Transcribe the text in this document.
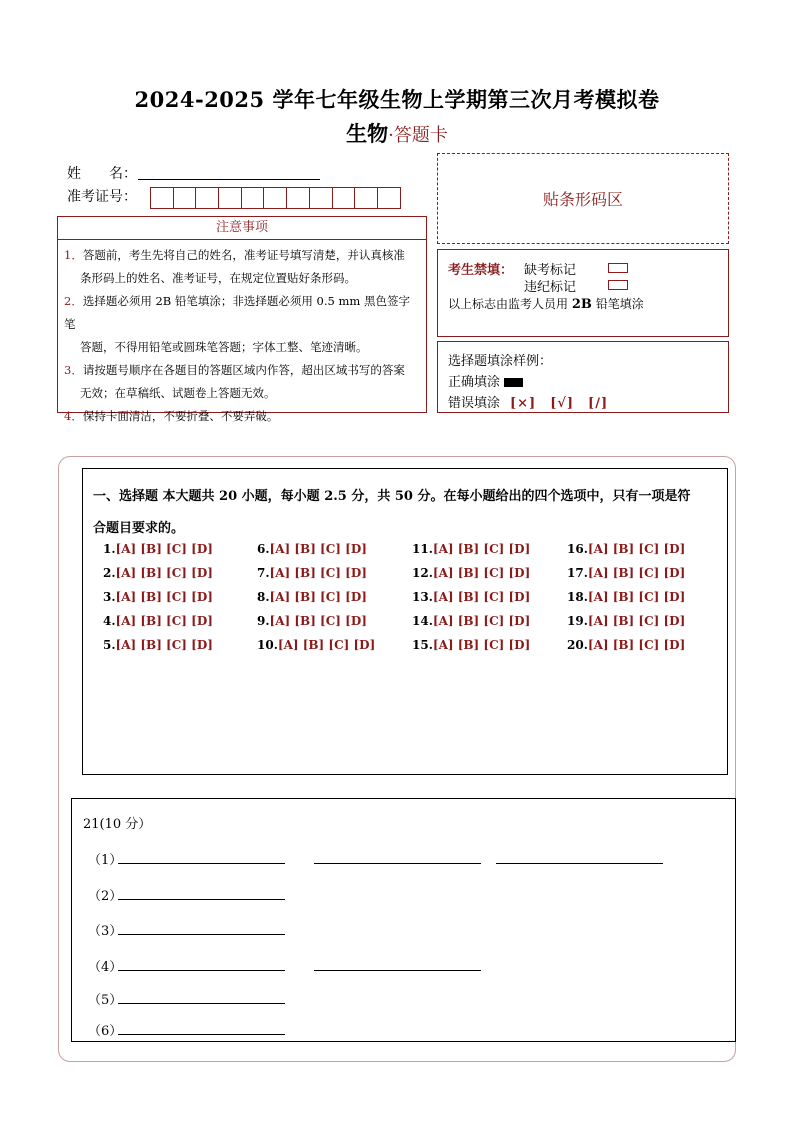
2024-2025 学年七年级生物上学期第三次月考模拟卷
生物·答题卡
姓　　名：
准考证号：
注意事项
1．答题前，考生先将自己的姓名，准考证号填写清楚，并认真核准
条形码上的姓名、准考证号，在规定位置贴好条形码。
2．选择题必须用 2B 铅笔填涂；非选择题必须用 0.5 mm 黑色签字笔
答题，不得用铅笔或圆珠笔答题；字体工整、笔迹清晰。
3．请按题号顺序在各题目的答题区域内作答，超出区域书写的答案
无效；在草稿纸、试题卷上答题无效。
4．保持卡面清洁，不要折叠、不要弄破。
贴条形码区
考生禁填： 缺考标记
违纪标记
以上标志由监考人员用 2B 铅笔填涂
选择题填涂样例：
正确填涂
错误填涂 [×]　[√]　[/]
一、选择题 本大题共 20 小题，每小题 2.5 分，共 50 分。在每小题给出的四个选项中，只有一项是符
合题目要求的。
1.[A] [B] [C] [D]
2.[A] [B] [C] [D]
3.[A] [B] [C] [D]
4.[A] [B] [C] [D]
5.[A] [B] [C] [D]
6.[A] [B] [C] [D]
7.[A] [B] [C] [D]
8.[A] [B] [C] [D]
9.[A] [B] [C] [D]
10.[A] [B] [C] [D]
11.[A] [B] [C] [D]
12.[A] [B] [C] [D]
13.[A] [B] [C] [D]
14.[A] [B] [C] [D]
15.[A] [B] [C] [D]
16.[A] [B] [C] [D]
17.[A] [B] [C] [D]
18.[A] [B] [C] [D]
19.[A] [B] [C] [D]
20.[A] [B] [C] [D]
21(10 分）
（1）
（2）
（3）
（4）
（5）
（6）
